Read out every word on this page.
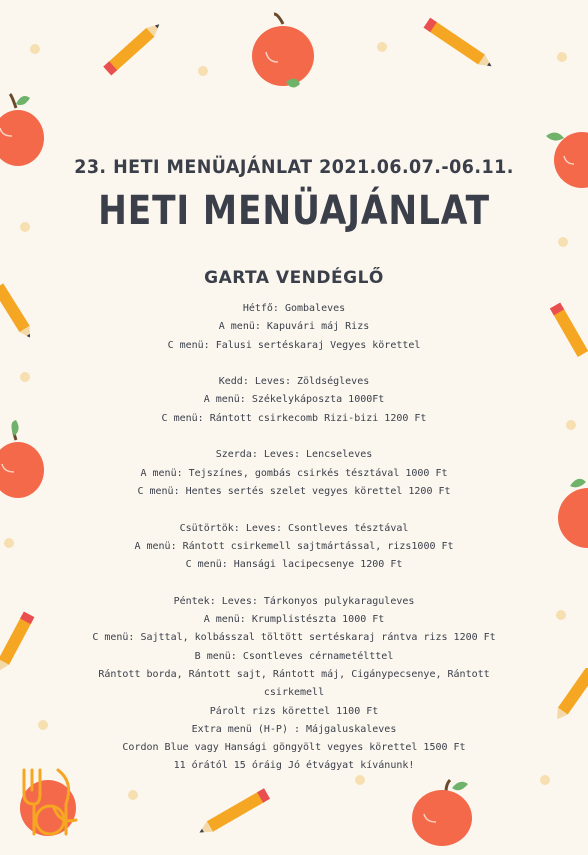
23. HETI MENÜAJÁNLAT 2021.06.07.-06.11.
HETI MENÜAJÁNLAT
GARTA VENDÉGLŐ
Hétfő: Gombaleves
A menü: Kapuvári máj Rizs
C menü: Falusi sertéskaraj Vegyes körettel
Kedd: Leves: Zöldségleves
A menü: Székelykáposzta 1000Ft
C menü: Rántott csirkecomb Rizi-bizi 1200 Ft
Szerda: Leves: Lencseleves
A menü: Tejszínes, gombás csirkés tésztával 1000 Ft
C menü: Hentes sertés szelet vegyes körettel 1200 Ft
Csütörtök: Leves: Csontleves tésztával
A menü: Rántott csirkemell sajtmártással, rizs1000 Ft
C menü: Hansági lacipecsenye 1200 Ft
Péntek: Leves: Tárkonyos pulykaraguleves
A menü: Krumplistészta 1000 Ft
C menü: Sajttal, kolbásszal töltött sertéskaraj rántva rizs 1200 Ft
B menü: Csontleves cérnametélttel
Rántott borda, Rántott sajt, Rántott máj, Cigánypecsenye, Rántott
csirkemell
Párolt rizs körettel 1100 Ft
Extra menü (H-P) : Májgaluskaleves
Cordon Blue vagy Hansági göngyölt vegyes körettel 1500 Ft
11 órától 15 óráig Jó étvágyat kívánunk!
